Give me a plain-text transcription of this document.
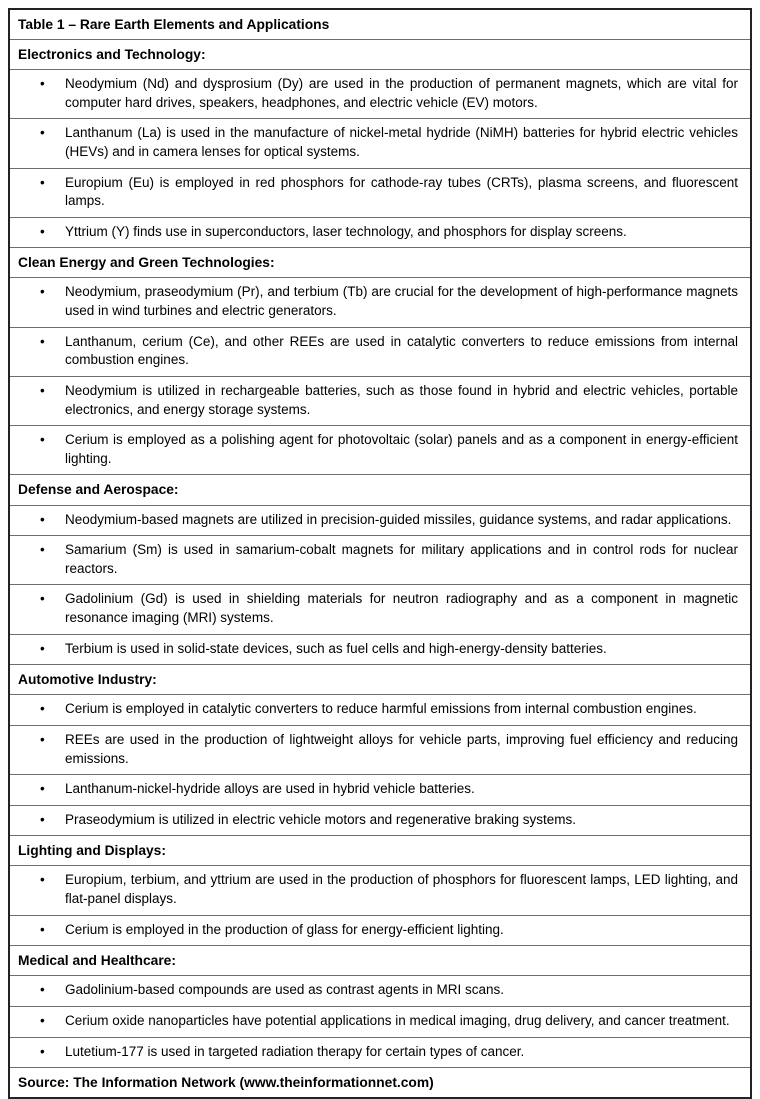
Table 1 – Rare Earth Elements and Applications
Electronics and Technology:
•	Neodymium (Nd) and dysprosium (Dy) are used in the production of permanent magnets, which are vital for computer hard drives, speakers, headphones, and electric vehicle (EV) motors.

•	Lanthanum (La) is used in the manufacture of nickel-metal hydride (NiMH) batteries for hybrid electric vehicles (HEVs) and in camera lenses for optical systems.

•	Europium (Eu) is employed in red phosphors for cathode-ray tubes (CRTs), plasma screens, and fluorescent lamps.

•	Yttrium (Y) finds use in superconductors, laser technology, and phosphors for display screens.

Clean Energy and Green Technologies:
•	Neodymium, praseodymium (Pr), and terbium (Tb) are crucial for the development of high-performance magnets used in wind turbines and electric generators.

•	Lanthanum, cerium (Ce), and other REEs are used in catalytic converters to reduce emissions from internal combustion engines.

•	Neodymium is utilized in rechargeable batteries, such as those found in hybrid and electric vehicles, portable electronics, and energy storage systems.

•	Cerium is employed as a polishing agent for photovoltaic (solar) panels and as a component in energy-efficient lighting.

Defense and Aerospace:
•	Neodymium-based magnets are utilized in precision-guided missiles, guidance systems, and radar applications.

•	Samarium (Sm) is used in samarium-cobalt magnets for military applications and in control rods for nuclear reactors.

•	Gadolinium (Gd) is used in shielding materials for neutron radiography and as a component in magnetic resonance imaging (MRI) systems.

•	Terbium is used in solid-state devices, such as fuel cells and high-energy-density batteries.

Automotive Industry:
•	Cerium is employed in catalytic converters to reduce harmful emissions from internal combustion engines.

•	REEs are used in the production of lightweight alloys for vehicle parts, improving fuel efficiency and reducing emissions.

•	Lanthanum-nickel-hydride alloys are used in hybrid vehicle batteries.

•	Praseodymium is utilized in electric vehicle motors and regenerative braking systems.

Lighting and Displays:
•	Europium, terbium, and yttrium are used in the production of phosphors for fluorescent lamps, LED lighting, and flat-panel displays.

•	Cerium is employed in the production of glass for energy-efficient lighting.

Medical and Healthcare:
•	Gadolinium-based compounds are used as contrast agents in MRI scans.

•	Cerium oxide nanoparticles have potential applications in medical imaging, drug delivery, and cancer treatment.

•	Lutetium-177 is used in targeted radiation therapy for certain types of cancer.

Source: The Information Network (www.theinformationnet.com)
